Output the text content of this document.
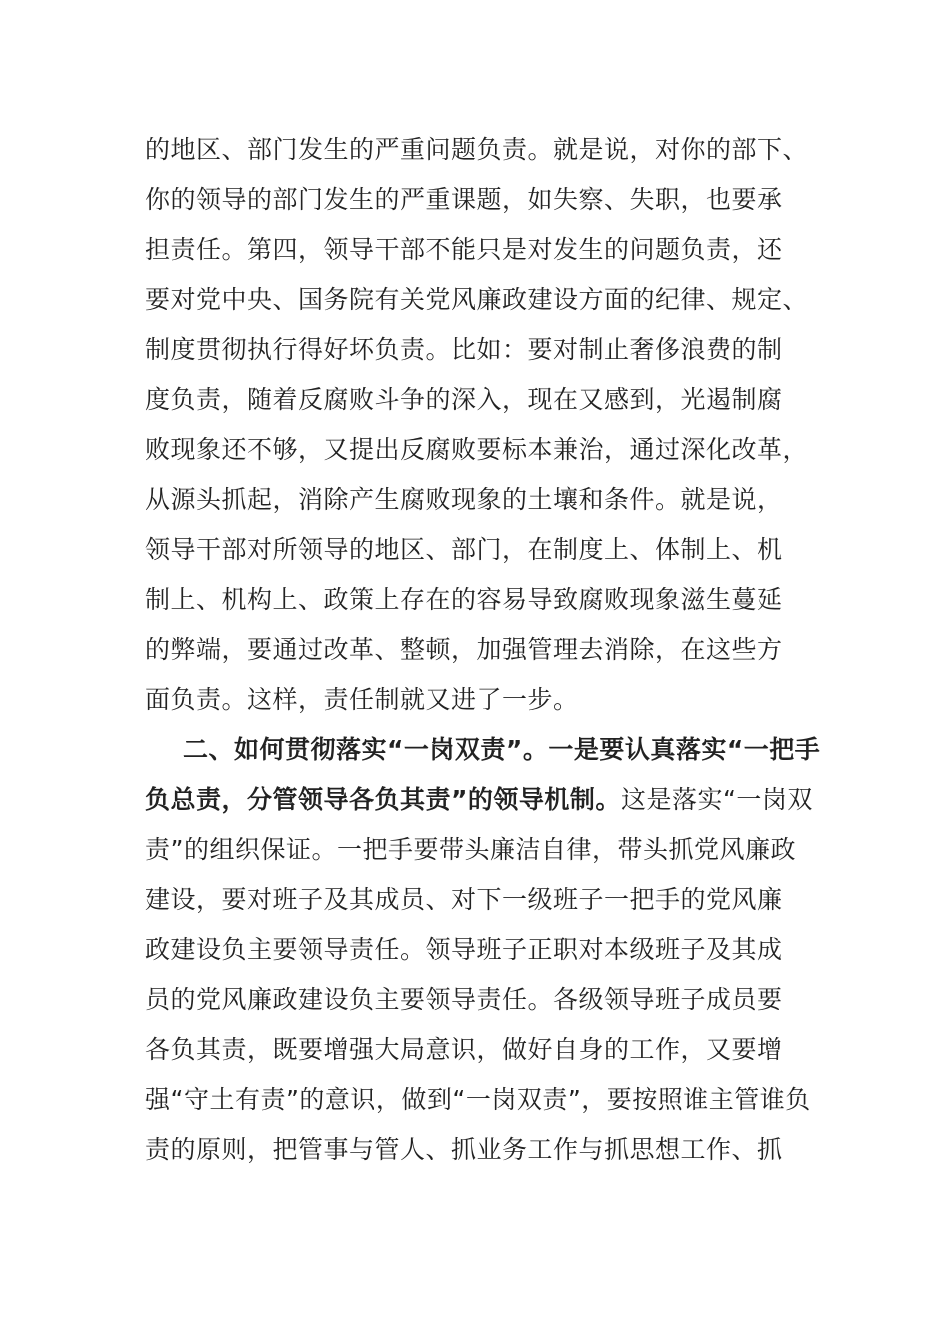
的地区、部门发生的严重问题负责。就是说，对你的部下、
你的领导的部门发生的严重课题，如失察、失职，也要承
担责任。第四，领导干部不能只是对发生的问题负责，还
要对党中央、国务院有关党风廉政建设方面的纪律、规定、
制度贯彻执行得好坏负责。比如：要对制止奢侈浪费的制
度负责，随着反腐败斗争的深入，现在又感到，光遏制腐
败现象还不够，又提出反腐败要标本兼治，通过深化改革，
从源头抓起，消除产生腐败现象的土壤和条件。就是说，
领导干部对所领导的地区、部门，在制度上、体制上、机
制上、机构上、政策上存在的容易导致腐败现象滋生蔓延
的弊端，要通过改革、整顿，加强管理去消除，在这些方
面负责。这样，责任制就又进了一步。
二、如何贯彻落实“一岗双责”。一是要认真落实“一把手
负总责，分管领导各负其责”的领导机制。这是落实“一岗双
责”的组织保证。一把手要带头廉洁自律，带头抓党风廉政
建设，要对班子及其成员、对下一级班子一把手的党风廉
政建设负主要领导责任。领导班子正职对本级班子及其成
员的党风廉政建设负主要领导责任。各级领导班子成员要
各负其责，既要增强大局意识，做好自身的工作，又要增
强“守土有责”的意识，做到“一岗双责”，要按照谁主管谁负
责的原则，把管事与管人、抓业务工作与抓思想工作、抓
